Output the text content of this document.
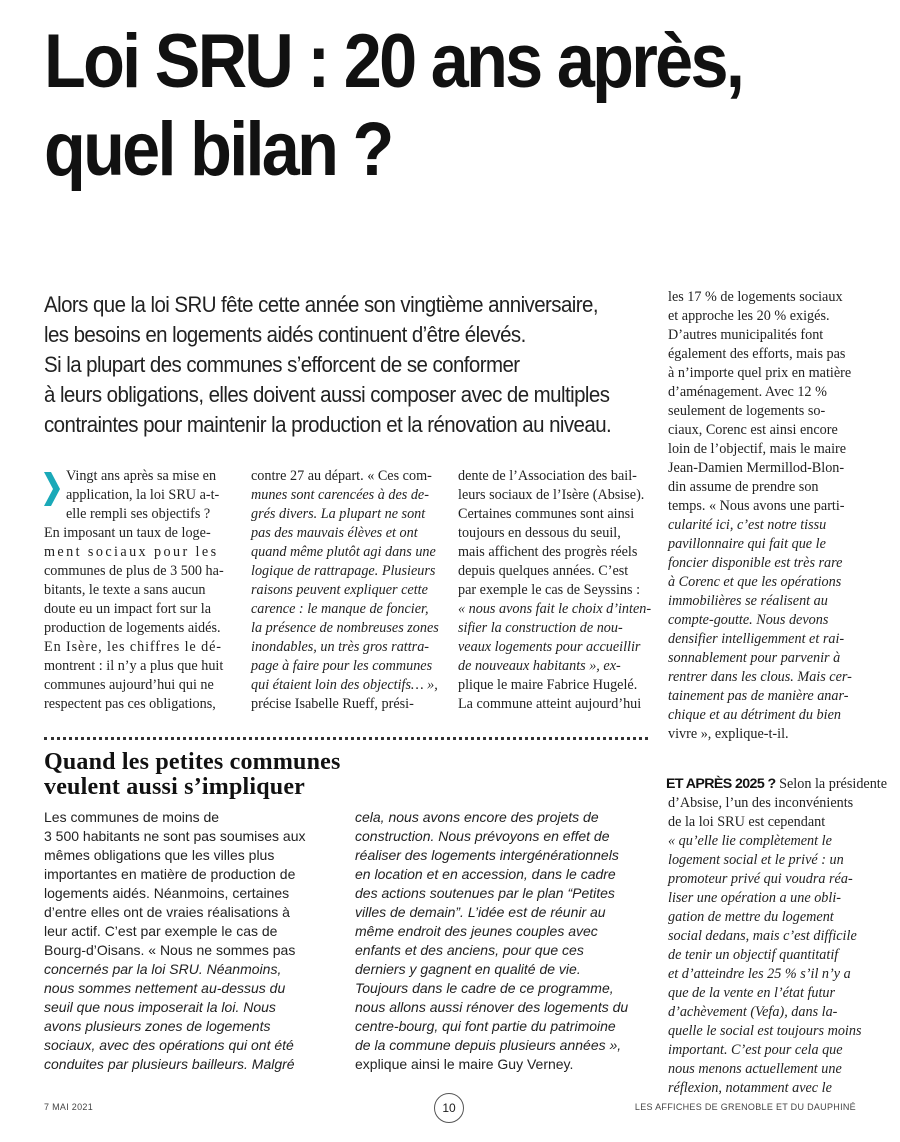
Loi SRU : 20 ans après,
quel bilan ?
Alors que la loi SRU fête cette année son vingtième anniversaire,
les besoins en logements aidés continuent d’être élevés.
Si la plupart des communes s’efforcent de se conformer
à leurs obligations, elles doivent aussi composer avec de multiples
contraintes pour maintenir la production et la rénovation au niveau.
Vingt ans après sa mise en
application, la loi SRU a-t-
elle rempli ses objectifs ?
En imposant un taux de loge-
ment sociaux pour les
communes de plus de 3 500 ha-
bitants, le texte a sans aucun
doute eu un impact fort sur la
production de logements aidés.
En Isère, les chiffres le dé-
montrent : il n’y a plus que huit
communes aujourd’hui qui ne
respectent pas ces obligations,
contre 27 au départ. « Ces com-
munes sont carencées à des de-
grés divers. La plupart ne sont
pas des mauvais élèves et ont
quand même plutôt agi dans une
logique de rattrapage. Plusieurs
raisons peuvent expliquer cette
carence : le manque de foncier,
la présence de nombreuses zones
inondables, un très gros rattra-
page à faire pour les communes
qui étaient loin des objectifs… »,
précise Isabelle Rueff, prési-
dente de l’Association des bail-
leurs sociaux de l’Isère (Absise).
Certaines communes sont ainsi
toujours en dessous du seuil,
mais affichent des progrès réels
depuis quelques années. C’est
par exemple le cas de Seyssins :
« nous avons fait le choix d’inten-
sifier la construction de nou-
veaux logements pour accueillir
de nouveaux habitants », ex-
plique le maire Fabrice Hugelé.
La commune atteint aujourd’hui
les 17 % de logements sociaux
et approche les 20 % exigés.
D’autres municipalités font
également des efforts, mais pas
à n’importe quel prix en matière
d’aménagement. Avec 12 %
seulement de logements so-
ciaux, Corenc est ainsi encore
loin de l’objectif, mais le maire
Jean-Damien Mermillod-Blon-
din assume de prendre son
temps. « Nous avons une parti-
cularité ici, c’est notre tissu
pavillonnaire qui fait que le
foncier disponible est très rare
à Corenc et que les opérations
immobilières se réalisent au
compte-goutte. Nous devons
densifier intelligemment et rai-
sonnablement pour parvenir à
rentrer dans les clous. Mais cer-
tainement pas de manière anar-
chique et au détriment du bien
vivre », explique-t-il.
Quand les petites communes
veulent aussi s’impliquer
Les communes de moins de
3 500 habitants ne sont pas soumises aux
mêmes obligations que les villes plus
importantes en matière de production de
logements aidés. Néanmoins, certaines
d’entre elles ont de vraies réalisations à
leur actif. C’est par exemple le cas de
Bourg-d’Oisans. « Nous ne sommes pas
concernés par la loi SRU. Néanmoins,
nous sommes nettement au-dessus du
seuil que nous imposerait la loi. Nous
avons plusieurs zones de logements
sociaux, avec des opérations qui ont été
conduites par plusieurs bailleurs. Malgré
cela, nous avons encore des projets de
construction. Nous prévoyons en effet de
réaliser des logements intergénérationnels
en location et en accession, dans le cadre
des actions soutenues par le plan “Petites
villes de demain”. L’idée est de réunir au
même endroit des jeunes couples avec
enfants et des anciens, pour que ces
derniers y gagnent en qualité de vie.
Toujours dans le cadre de ce programme,
nous allons aussi rénover des logements du
centre-bourg, qui font partie du patrimoine
de la commune depuis plusieurs années »,
explique ainsi le maire Guy Verney.
ET APRÈS 2025 ? Selon la présidente
d’Absise, l’un des inconvénients
de la loi SRU est cependant
« qu’elle lie complètement le
logement social et le privé : un
promoteur privé qui voudra réa-
liser une opération a une obli-
gation de mettre du logement
social dedans, mais c’est difficile
de tenir un objectif quantitatif
et d’atteindre les 25 % s’il n’y a
que de la vente en l’état futur
d’achèvement (Vefa), dans la-
quelle le social est toujours moins
important. C’est pour cela que
nous menons actuellement une
réflexion, notamment avec le
7 MAI 2021	10	LES AFFICHES DE GRENOBLE ET DU DAUPHINÉ
